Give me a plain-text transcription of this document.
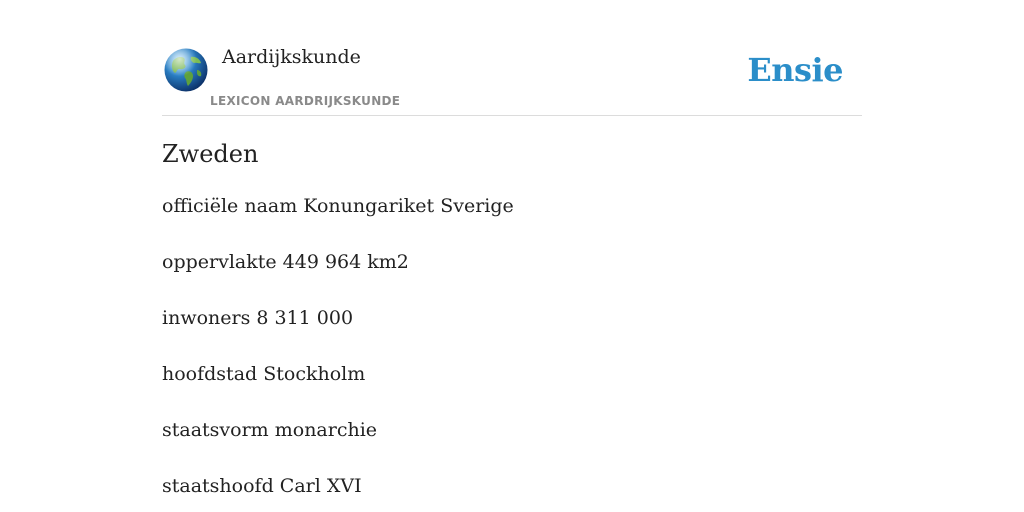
Aardijkskunde
LEXICON AARDRIJKSKUNDE
Ensie
Zweden
officiële naam Konungariket Sverige
oppervlakte 449 964 km2
inwoners 8 311 000
hoofdstad Stockholm
staatsvorm monarchie
staatshoofd Carl XVI
